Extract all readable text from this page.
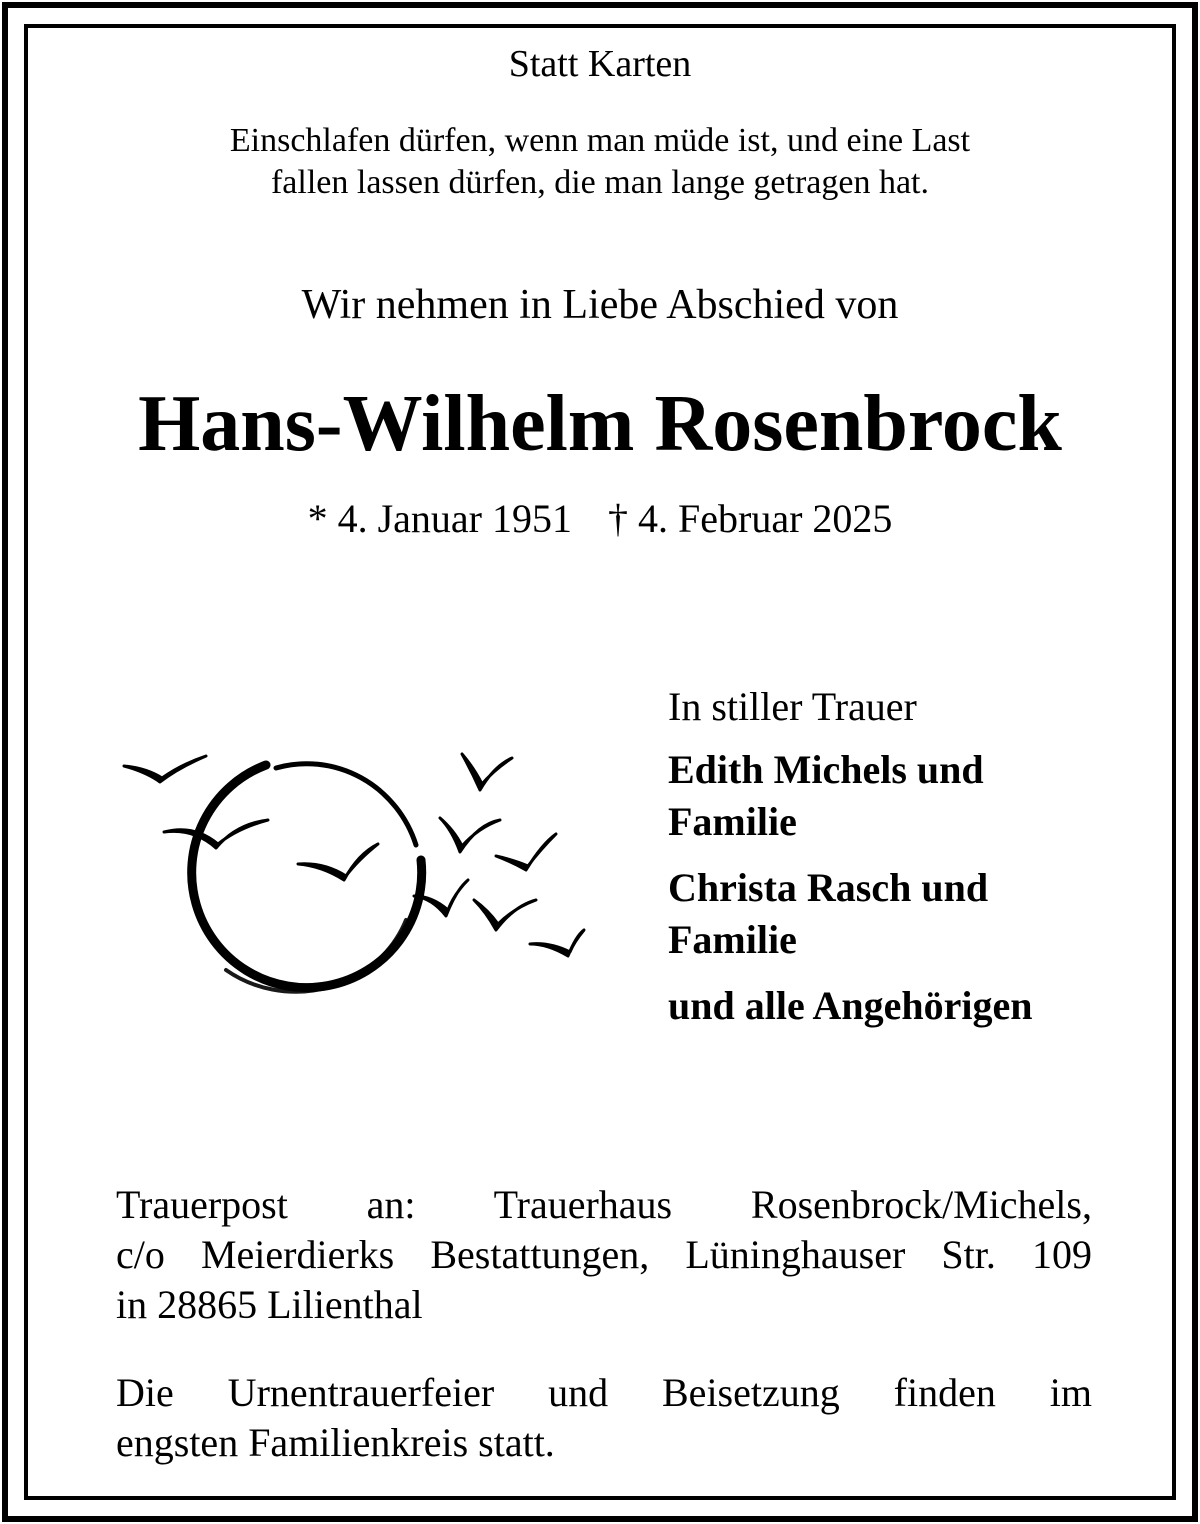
Statt Karten

Einschlafen dürfen, wenn man müde ist, und eine Last
fallen lassen dürfen, die man lange getragen hat.

Wir nehmen in Liebe Abschied von

Hans-Wilhelm Rosenbrock

* 4. Januar 1951 † 4. Februar 2025

In stiller Trauer

Edith Michels und
Familie

Christa Rasch und
Familie

und alle Angehörigen

Trauerpost an: Trauerhaus Rosenbrock/Michels,
c/o Meierdierks Bestattungen, Lüninghauser Str. 109
in 28865 Lilienthal

Die Urnentrauerfeier und Beisetzung finden im
engsten Familienkreis statt.
